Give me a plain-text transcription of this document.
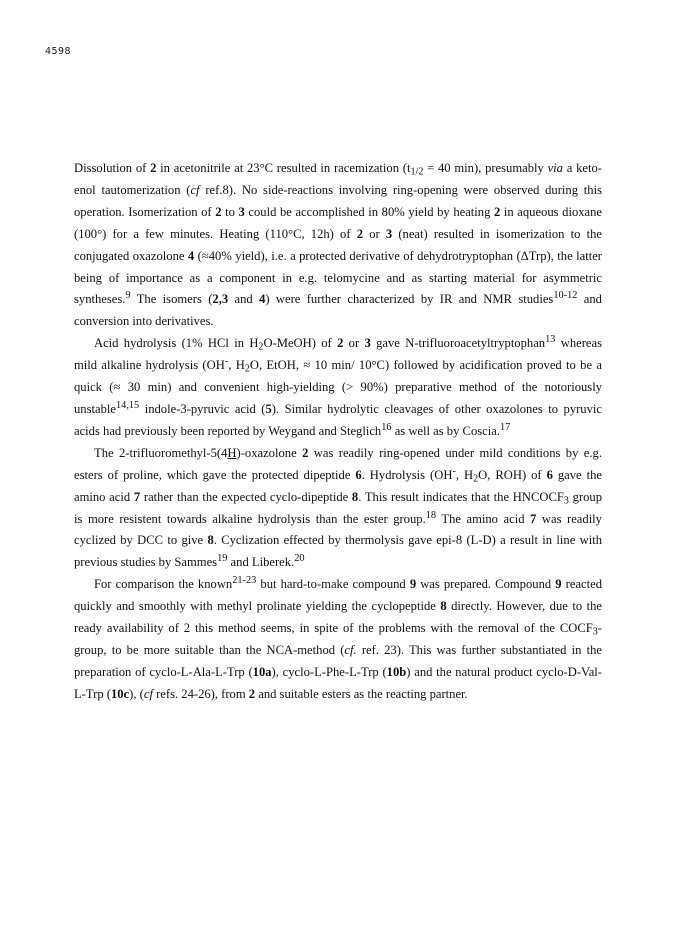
4598

Dissolution of 2 in acetonitrile at 23°C resulted in racemization ($t_{1/2} = 40$ min), presumably via a keto-enol tautomerization (cf ref.8). No side-reactions involving ring-opening were observed during this operation. Isomerization of 2 to 3 could be accomplished in 80% yield by heating 2 in aqueous dioxane (100°) for a few minutes. Heating (110°C, 12h) of 2 or 3 (neat) resulted in isomerization to the conjugated oxazolone 4 (≈40% yield), i.e. a protected derivative of dehydrotryptophan (ΔTrp), the latter being of importance as a component in e.g. telomycine and as starting material for asymmetric syntheses.$^9$ The isomers (2,3 and 4) were further characterized by IR and NMR studies$^{10-12}$ and conversion into derivatives.

Acid hydrolysis (1% HCl in $H_2O-MeOH$) of 2 or 3 gave N-trifluoroacetyltryptophan$^{13}$ whereas mild alkaline hydrolysis (OH-, $H_2O$, EtOH, ≈ 10 min/ 10°C) followed by acidification proved to be a quick (≈ 30 min) and convenient high-yielding (> 90%) preparative method of the notoriously unstable$^{14,15}$ indole-3-pyruvic acid (5). Similar hydrolytic cleavages of other oxazolones to pyruvic acids had previously been reported by Weygand and Steglich$^{16}$ as well as by Coscia.$^{17}$

The 2-trifluoromethyl-5(4H)-oxazolone 2 was readily ring-opened under mild conditions by e.g. esters of proline, which gave the protected dipeptide 6. Hydrolysis (OH-, $H_2O$, ROH) of 6 gave the amino acid 7 rather than the expected cyclo-dipeptide 8. This result indicates that the $HNCOCF_3$ group is more resistent towards alkaline hydrolysis than the ester group.$^{18}$ The amino acid 7 was readily cyclized by DCC to give 8. Cyclization effected by thermolysis gave epi-8 (L-D) a result in line with previous studies by Sammes$^{19}$ and Liberek.$^{20}$

For comparison the known$^{21-23}$ but hard-to-make compound 9 was prepared. Compound 9 reacted quickly and smoothly with methyl prolinate yielding the cyclopeptide 8 directly. However, due to the ready availability of 2 this method seems, in spite of the problems with the removal of the $COCF_3$-group, to be more suitable than the NCA-method (cf. ref. 23). This was further substantiated in the preparation of cyclo-L-Ala-L-Trp (10a), cyclo-L-Phe-L-Trp (10b) and the natural product cyclo-D-Val-L-Trp (10c), (cf refs. 24-26), from 2 and suitable esters as the reacting partner.
